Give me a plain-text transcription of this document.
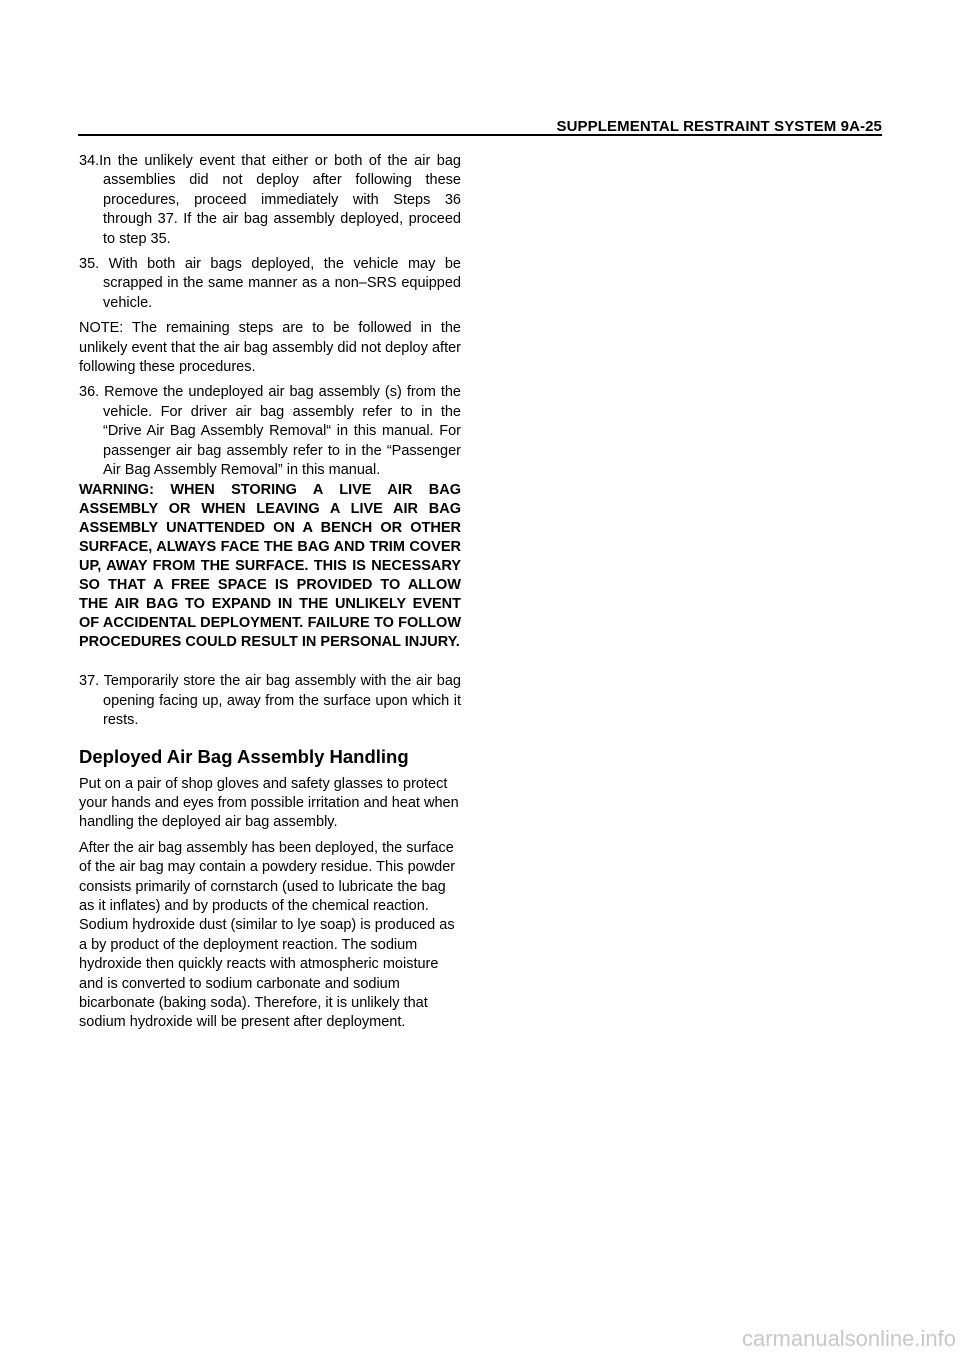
SUPPLEMENTAL RESTRAINT SYSTEM 9A-25

34.In the unlikely event that either or both of the air bag assemblies did not deploy after following these procedures, proceed immediately with Steps 36 through 37. If the air bag assembly deployed, proceed to step 35.

35. With both air bags deployed, the vehicle may be scrapped in the same manner as a non–SRS equipped vehicle.

NOTE: The remaining steps are to be followed in the unlikely event that the air bag assembly did not deploy after following these procedures.

36. Remove the undeployed air bag assembly (s) from the vehicle. For driver air bag assembly refer to in the “Drive Air Bag Assembly Removal“ in this manual. For passenger air bag assembly refer to in the “Passenger Air Bag Assembly Removal” in this manual.

WARNING: WHEN STORING A LIVE AIR BAG ASSEMBLY OR WHEN LEAVING A LIVE AIR BAG ASSEMBLY UNATTENDED ON A BENCH OR OTHER SURFACE, ALWAYS FACE THE BAG AND TRIM COVER UP, AWAY FROM THE SURFACE. THIS IS NECESSARY SO THAT A FREE SPACE IS PROVIDED TO ALLOW THE AIR BAG TO EXPAND IN THE UNLIKELY EVENT OF ACCIDENTAL DEPLOYMENT. FAILURE TO FOLLOW PROCEDURES COULD RESULT IN PERSONAL INJURY.

37. Temporarily store the air bag assembly with the air bag opening facing up, away from the surface upon which it rests.

Deployed Air Bag Assembly Handling

Put on a pair of shop gloves and safety glasses to protect your hands and eyes from possible irritation and heat when handling the deployed air bag assembly.

After the air bag assembly has been deployed, the surface of the air bag may contain a powdery residue. This powder consists primarily of cornstarch (used to lubricate the bag as it inflates) and by products of the chemical reaction. Sodium hydroxide dust (similar to lye soap) is produced as a by product of the deployment reaction. The sodium hydroxide then quickly reacts with atmospheric moisture and is converted to sodium carbonate and sodium bicarbonate (baking soda). Therefore, it is unlikely that sodium hydroxide will be present after deployment.

carmanualsonline.info
